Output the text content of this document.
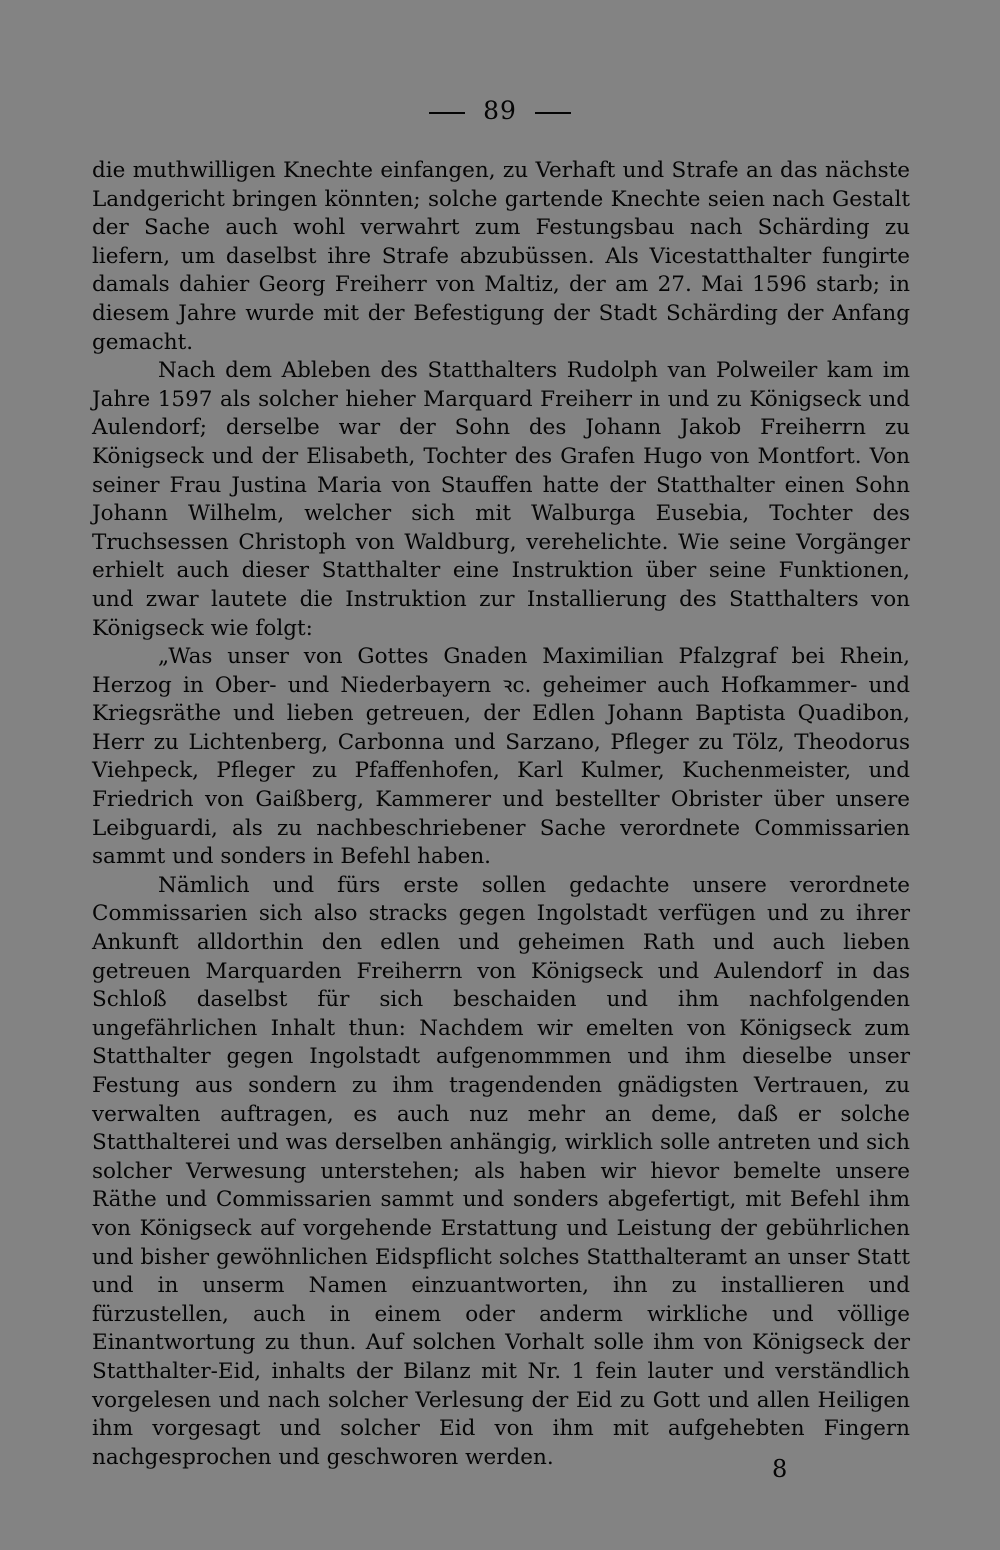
89

die muthwilligen Knechte einfangen, zu Verhaft und Strafe an das nächste Landgericht bringen könnten; solche gartende Knechte seien nach Gestalt der Sache auch wohl verwahrt zum Festungsbau nach Schärding zu liefern, um daselbst ihre Strafe abzubüssen. Als Vicestatthalter fungirte damals dahier Georg Freiherr von Maltiz, der am 27. Mai 1596 starb; in diesem Jahre wurde mit der Befestigung der Stadt Schärding der Anfang gemacht.

Nach dem Ableben des Statthalters Rudolph van Polweiler kam im Jahre 1597 als solcher hieher Marquard Freiherr in und zu Königseck und Aulendorf; derselbe war der Sohn des Johann Jakob Freiherrn zu Königseck und der Elisabeth, Tochter des Grafen Hugo von Montfort. Von seiner Frau Justina Maria von Stauffen hatte der Statthalter einen Sohn Johann Wilhelm, welcher sich mit Walburga Eusebia, Tochter des Truchsessen Christoph von Waldburg, verehelichte. Wie seine Vorgänger erhielt auch dieser Statthalter eine Instruktion über seine Funktionen, und zwar lautete die Instruktion zur Installierung des Statthalters von Königseck wie folgt:

„Was unser von Gottes Gnaden Maximilian Pfalzgraf bei Rhein, Herzog in Ober- und Niederbayern ꝛc. geheimer auch Hofkammer- und Kriegsräthe und lieben getreuen, der Edlen Johann Baptista Quadibon, Herr zu Lichtenberg, Carbonna und Sarzano, Pfleger zu Tölz, Theodorus Viehpeck, Pfleger zu Pfaffenhofen, Karl Kulmer, Kuchenmeister, und Friedrich von Gaißberg, Kammerer und bestellter Obrister über unsere Leibguardi, als zu nachbeschriebener Sache verordnete Commissarien sammt und sonders in Befehl haben.

Nämlich und fürs erste sollen gedachte unsere verordnete Commissarien sich also stracks gegen Ingolstadt verfügen und zu ihrer Ankunft alldorthin den edlen und geheimen Rath und auch lieben getreuen Marquarden Freiherrn von Königseck und Aulendorf in das Schloß daselbst für sich beschaiden und ihm nachfolgenden ungefährlichen Inhalt thun: Nachdem wir emelten von Königseck zum Statthalter gegen Ingolstadt aufgenommmen und ihm dieselbe unser Festung aus sondern zu ihm tragendenden gnädigsten Vertrauen, zu verwalten auftragen, es auch nuz mehr an deme, daß er solche Statthalterei und was derselben anhängig, wirklich solle antreten und sich solcher Verwesung unterstehen; als haben wir hievor bemelte unsere Räthe und Commissarien sammt und sonders abgefertigt, mit Befehl ihm von Königseck auf vorgehende Erstattung und Leistung der gebührlichen und bisher gewöhnlichen Eidspflicht solches Statthalteramt an unser Statt und in unserm Namen einzuantworten, ihn zu installieren und fürzustellen, auch in einem oder anderm wirkliche und völlige Einantwortung zu thun. Auf solchen Vorhalt solle ihm von Königseck der Statthalter-Eid, inhalts der Bilanz mit Nr. 1 fein lauter und verständlich vorgelesen und nach solcher Verlesung der Eid zu Gott und allen Heiligen ihm vorgesagt und solcher Eid von ihm mit aufgehebten Fingern nachgesprochen und geschworen werden.	8
